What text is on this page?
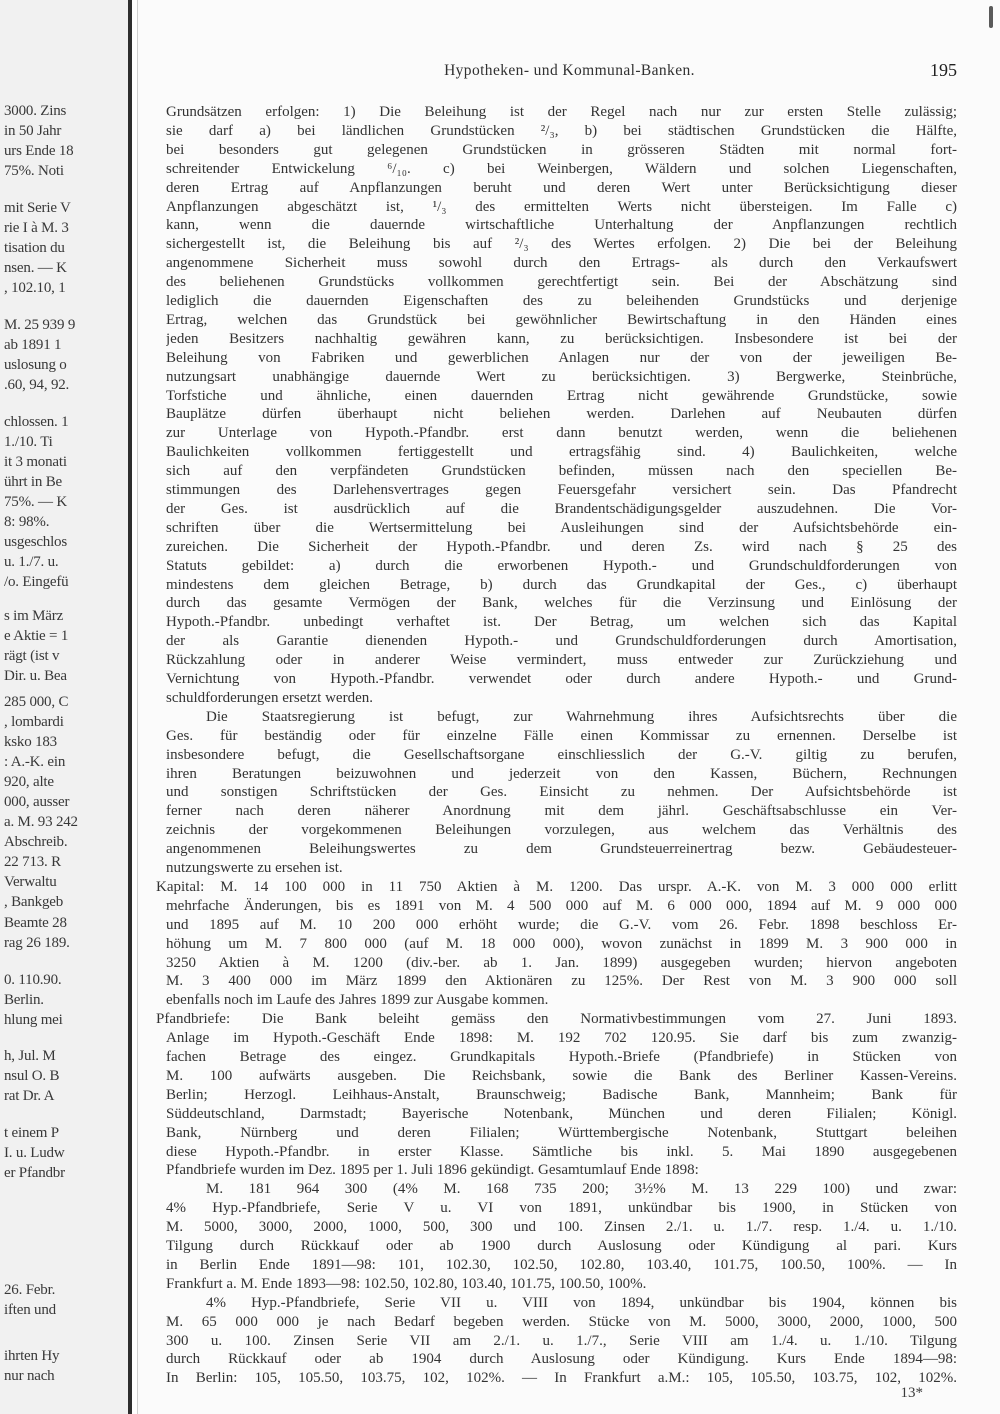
3000. Zins
in 50 Jahr
urs Ende 18
75%. Noti
mit Serie V
rie I à M. 3
tisation du
nsen. — K
, 102.10, 1
M. 25 939 9
ab 1891 1
uslosung o
.60, 94, 92.
chlossen. 1
1./10. Ti
it 3 monati
ührt in Be
75%. — K
8: 98%.
usgeschlos
u. 1./7. u.
/o. Eingefü
s im März
e Aktie = 1
rägt (ist v
Dir. u. Bea
285 000, C
, lombardi
ksko 183
: A.-K. ein
920, alte
000, ausser
a. M. 93 242
Abschreib.
22 713. R
Verwaltu
, Bankgeb
Beamte 28
rag 26 189.
0. 110.90.
Berlin.
hlung mei
h, Jul. M
nsul O. B
rat Dr. A
t einem P
I. u. Ludw
er Pfandbr
26. Febr.
iften und
ihrten Hy
nur nach
Hypotheken- und Kommunal-Banken.	195
Grundsätzen erfolgen: 1) Die Beleihung ist der Regel nach nur zur ersten Stelle zulässig;
sie darf a) bei ländlichen Grundstücken ²/₃, b) bei städtischen Grundstücken die Hälfte,
bei besonders gut gelegenen Grundstücken in grösseren Städten mit normal fort-
schreitender Entwickelung ⁶/₁₀. c) bei Weinbergen, Wäldern und solchen Liegenschaften,
deren Ertrag auf Anpflanzungen beruht und deren Wert unter Berücksichtigung dieser
Anpflanzungen abgeschätzt ist, ¹/₃ des ermittelten Werts nicht übersteigen. Im Falle c)
kann, wenn die dauernde wirtschaftliche Unterhaltung der Anpflanzungen rechtlich
sichergestellt ist, die Beleihung bis auf ²/₃ des Wertes erfolgen. 2) Die bei der Beleihung
angenommene Sicherheit muss sowohl durch den Ertrags- als durch den Verkaufswert
des beliehenen Grundstücks vollkommen gerechtfertigt sein. Bei der Abschätzung sind
lediglich die dauernden Eigenschaften des zu beleihenden Grundstücks und derjenige
Ertrag, welchen das Grundstück bei gewöhnlicher Bewirtschaftung in den Händen eines
jeden Besitzers nachhaltig gewähren kann, zu berücksichtigen. Insbesondere ist bei der
Beleihung von Fabriken und gewerblichen Anlagen nur der von der jeweiligen Be-
nutzungsart unabhängige dauernde Wert zu berücksichtigen. 3) Bergwerke, Steinbrüche,
Torfstiche und ähnliche, einen dauernden Ertrag nicht gewährende Grundstücke, sowie
Bauplätze dürfen überhaupt nicht beliehen werden. Darlehen auf Neubauten dürfen
zur Unterlage von Hypoth.-Pfandbr. erst dann benutzt werden, wenn die beliehenen
Baulichkeiten vollkommen fertiggestellt und ertragsfähig sind. 4) Baulichkeiten, welche
sich auf den verpfändeten Grundstücken befinden, müssen nach den speciellen Be-
stimmungen des Darlehensvertrages gegen Feuersgefahr versichert sein. Das Pfandrecht
der Ges. ist ausdrücklich auf die Brandentschädigungsgelder auszudehnen. Die Vor-
schriften über die Wertsermittelung bei Ausleihungen sind der Aufsichtsbehörde ein-
zureichen. Die Sicherheit der Hypoth.-Pfandbr. und deren Zs. wird nach § 25 des
Statuts gebildet: a) durch die erworbenen Hypoth.- und Grundschuldforderungen von
mindestens dem gleichen Betrage, b) durch das Grundkapital der Ges., c) überhaupt
durch das gesamte Vermögen der Bank, welches für die Verzinsung und Einlösung der
Hypoth.-Pfandbr. unbedingt verhaftet ist. Der Betrag, um welchen sich das Kapital
der als Garantie dienenden Hypoth.- und Grundschuldforderungen durch Amortisation,
Rückzahlung oder in anderer Weise vermindert, muss entweder zur Zurückziehung und
Vernichtung von Hypoth.-Pfandbr. verwendet oder durch andere Hypoth.- und Grund-
schuldforderungen ersetzt werden.
Die Staatsregierung ist befugt, zur Wahrnehmung ihres Aufsichtsrechts über die
Ges. für beständig oder für einzelne Fälle einen Kommissar zu ernennen. Derselbe ist
insbesondere befugt, die Gesellschaftsorgane einschliesslich der G.-V. giltig zu berufen,
ihren Beratungen beizuwohnen und jederzeit von den Kassen, Büchern, Rechnungen
und sonstigen Schriftstücken der Ges. Einsicht zu nehmen. Der Aufsichtsbehörde ist
ferner nach deren näherer Anordnung mit dem jährl. Geschäftsabschlusse ein Ver-
zeichnis der vorgekommenen Beleihungen vorzulegen, aus welchem das Verhältnis des
angenommenen Beleihungswertes zu dem Grundsteuerreinertrag bezw. Gebäudesteuer-
nutzungswerte zu ersehen ist.
Kapital: M. 14 100 000 in 11 750 Aktien à M. 1200. Das urspr. A.-K. von M. 3 000 000 erlitt
mehrfache Änderungen, bis es 1891 von M. 4 500 000 auf M. 6 000 000, 1894 auf M. 9 000 000
und 1895 auf M. 10 200 000 erhöht wurde; die G.-V. vom 26. Febr. 1898 beschloss Er-
höhung um M. 7 800 000 (auf M. 18 000 000), wovon zunächst in 1899 M. 3 900 000 in
3250 Aktien à M. 1200 (div.-ber. ab 1. Jan. 1899) ausgegeben wurden; hiervon angeboten
M. 3 400 000 im März 1899 den Aktionären zu 125%. Der Rest von M. 3 900 000 soll
ebenfalls noch im Laufe des Jahres 1899 zur Ausgabe kommen.
Pfandbriefe: Die Bank beleiht gemäss den Normativbestimmungen vom 27. Juni 1893.
Anlage im Hypoth.-Geschäft Ende 1898: M. 192 702 120.95. Sie darf bis zum zwanzig-
fachen Betrage des eingez. Grundkapitals Hypoth.-Briefe (Pfandbriefe) in Stücken von
M. 100 aufwärts ausgeben. Die Reichsbank, sowie die Bank des Berliner Kassen-Vereins.
Berlin; Herzogl. Leihhaus-Anstalt, Braunschweig; Badische Bank, Mannheim; Bank für
Süddeutschland, Darmstadt; Bayerische Notenbank, München und deren Filialen; Königl.
Bank, Nürnberg und deren Filialen; Württembergische Notenbank, Stuttgart beleihen
diese Hypoth.-Pfandbr. in erster Klasse. Sämtliche bis inkl. 5. Mai 1890 ausgegebenen
Pfandbriefe wurden im Dez. 1895 per 1. Juli 1896 gekündigt. Gesamtumlauf Ende 1898:
M. 181 964 300 (4% M. 168 735 200; 3½% M. 13 229 100) und zwar:
4% Hyp.-Pfandbriefe, Serie V u. VI von 1891, unkündbar bis 1900, in Stücken von
M. 5000, 3000, 2000, 1000, 500, 300 und 100. Zinsen 2./1. u. 1./7. resp. 1./4. u. 1./10.
Tilgung durch Rückkauf oder ab 1900 durch Auslosung oder Kündigung al pari. Kurs
in Berlin Ende 1891—98: 101, 102.30, 102.50, 102.80, 103.40, 101.75, 100.50, 100%. — In
Frankfurt a. M. Ende 1893—98: 102.50, 102.80, 103.40, 101.75, 100.50, 100%.
4% Hyp.-Pfandbriefe, Serie VII u. VIII von 1894, unkündbar bis 1904, können bis
M. 65 000 000 je nach Bedarf begeben werden. Stücke von M. 5000, 3000, 2000, 1000, 500
300 u. 100. Zinsen Serie VII am 2./1. u. 1./7., Serie VIII am 1./4. u. 1./10. Tilgung
durch Rückkauf oder ab 1904 durch Auslosung oder Kündigung. Kurs Ende 1894—98:
In Berlin: 105, 105.50, 103.75, 102, 102%. — In Frankfurt a.M.: 105, 105.50, 103.75, 102, 102%.
13*
